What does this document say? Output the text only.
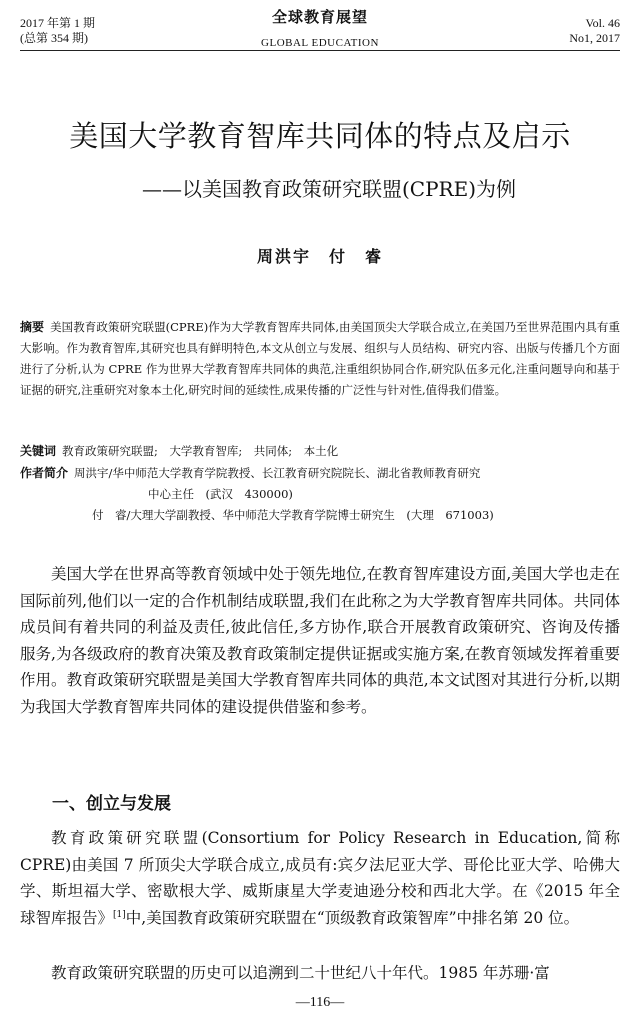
2017 年第 1 期
(总第 354 期)
全球教育展望
GLOBAL EDUCATION
Vol. 46
No1, 2017
美国大学教育智库共同体的特点及启示
——以美国教育政策研究联盟(CPRE)为例
周洪宇　付　睿
摘要 美国教育政策研究联盟(CPRE)作为大学教育智库共同体,由美国顶尖大学联合成立,在美国乃至世界范围内具有重大影响。作为教育智库,其研究也具有鲜明特色,本文从创立与发展、组织与人员结构、研究内容、出版与传播几个方面进行了分析,认为 CPRE 作为世界大学教育智库共同体的典范,注重组织协同合作,研究队伍多元化,注重问题导向和基于证据的研究,注重研究对象本土化,研究时间的延续性,成果传播的广泛性与针对性,值得我们借鉴。
关键词 教育政策研究联盟;　大学教育智库;　共同体;　本土化
作者简介 周洪宇/华中师范大学教育学院教授、长江教育研究院院长、湖北省教师教育研究
中心主任　(武汉　430000)
付　睿/大理大学副教授、华中师范大学教育学院博士研究生　(大理　671003)
美国大学在世界高等教育领域中处于领先地位,在教育智库建设方面,美国大学也走在国际前列,他们以一定的合作机制结成联盟,我们在此称之为大学教育智库共同体。共同体成员间有着共同的利益及责任,彼此信任,多方协作,联合开展教育政策研究、咨询及传播服务,为各级政府的教育决策及教育政策制定提供证据或实施方案,在教育领域发挥着重要作用。教育政策研究联盟是美国大学教育智库共同体的典范,本文试图对其进行分析,以期为我国大学教育智库共同体的建设提供借鉴和参考。
一、创立与发展
教育政策研究联盟(Consortium for Policy Research in Education,简称 CPRE)由美国 7 所顶尖大学联合成立,成员有:宾夕法尼亚大学、哥伦比亚大学、哈佛大学、斯坦福大学、密歇根大学、威斯康星大学麦迪逊分校和西北大学。在《2015 年全球智库报告》[1]中,美国教育政策研究联盟在“顶级教育政策智库”中排名第 20 位。
教育政策研究联盟的历史可以追溯到二十世纪八十年代。1985 年苏珊·富
—116—
